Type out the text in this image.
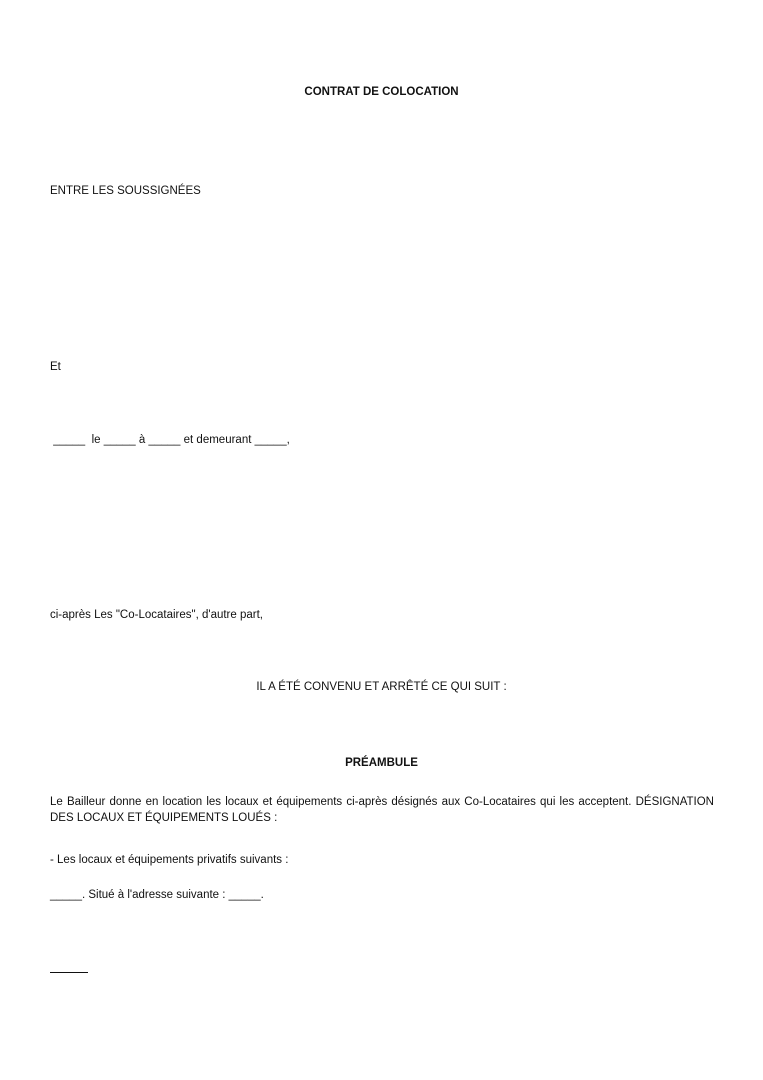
CONTRAT DE COLOCATION
ENTRE LES SOUSSIGNÉES
Et
_____  le _____ à _____ et demeurant _____,
ci-après Les "Co-Locataires", d'autre part,
IL A ÉTÉ CONVENU ET ARRÊTÉ CE QUI SUIT :
PRÉAMBULE
Le Bailleur donne en location les locaux et équipements ci-après désignés aux Co-Locataires qui les acceptent. DÉSIGNATION DES LOCAUX ET ÉQUIPEMENTS LOUÉS :
- Les locaux et équipements privatifs suivants :
_____. Situé à l'adresse suivante : _____.
